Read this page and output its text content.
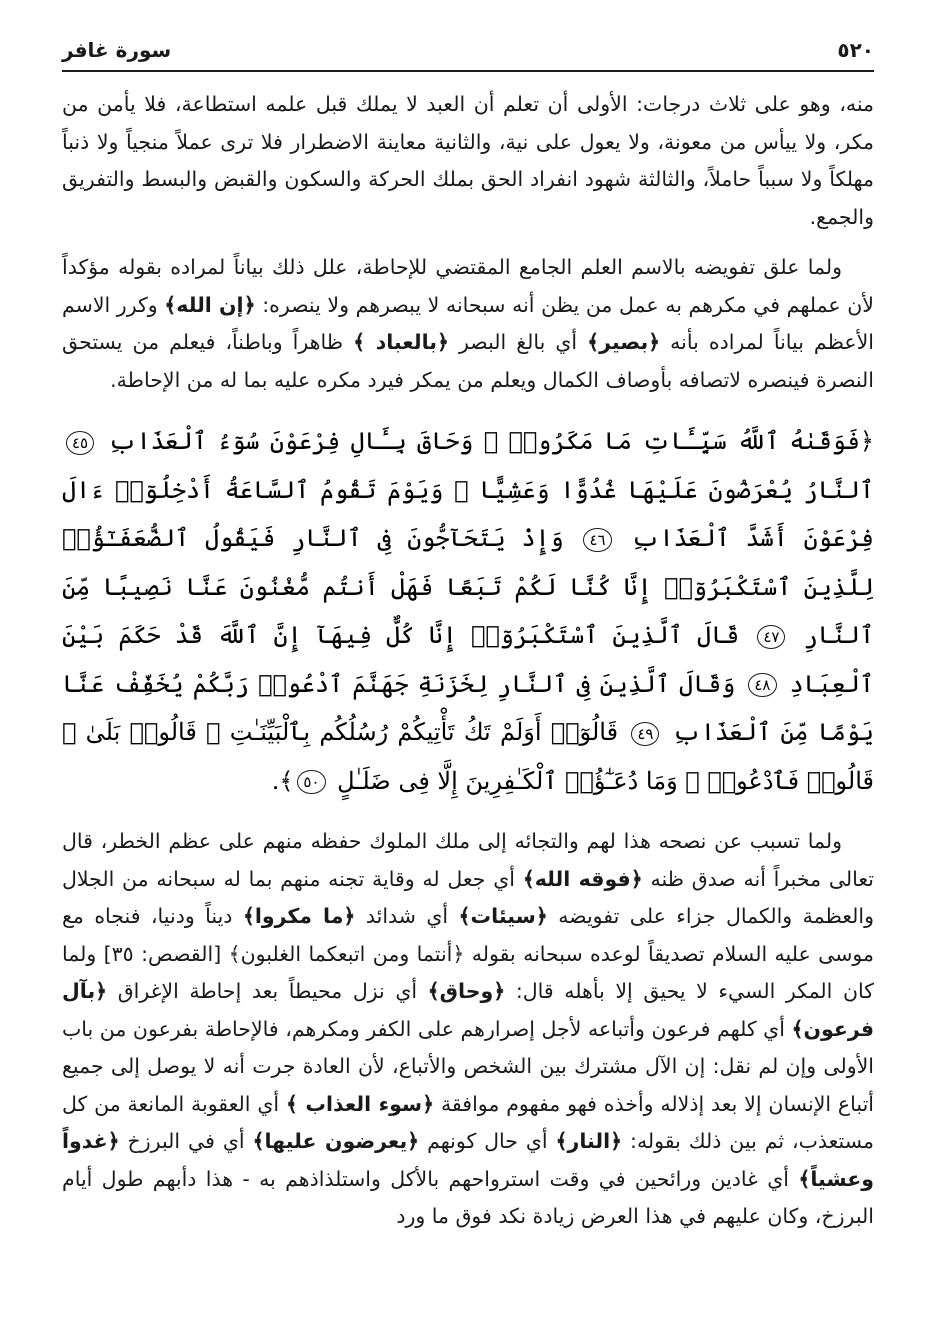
٥٢٠
سورة غافر

منه، وهو على ثلاث درجات: الأولى أن تعلم أن العبد لا يملك قبل علمه استطاعة، فلا يأمن من مكر، ولا ييأس من معونة، ولا يعول على نية، والثانية معاينة الاضطرار فلا ترى عملاً منجياً ولا ذنباً مهلكاً ولا سبباً حاملاً، والثالثة شهود انفراد الحق بملك الحركة والسكون والقبض والبسط والتفريق والجمع.

ولما علق تفويضه بالاسم العلم الجامع المقتضي للإحاطة، علل ذلك بياناً لمراده بقوله مؤكداً لأن عملهم في مكرهم به عمل من يظن أنه سبحانه لا يبصرهم ولا ينصره: ﴿إن الله﴾ وكرر الاسم الأعظم بياناً لمراده بأنه ﴿بصير﴾ أي بالغ البصر ﴿بالعباد ﴾ ظاهراً وباطناً، فيعلم من يستحق النصرة فينصره لاتصافه بأوصاف الكمال ويعلم من يمكر فيرد مكره عليه بما له من الإحاطة.

﴿فَوَقَىٰهُ ٱللَّهُ سَيِّـَٔاتِ مَا مَكَرُوا۟ ۖ وَحَاقَ بِـَٔالِ فِرْعَوْنَ سُوٓءُ ٱلْعَذَابِ ٤٥ ٱلنَّارُ يُعْرَضُونَ عَلَيْهَا غُدُوًّا وَعَشِيًّا ۖ وَيَوْمَ تَقُومُ ٱلسَّاعَةُ أَدْخِلُوٓا۟ ءَالَ فِرْعَوْنَ أَشَدَّ ٱلْعَذَابِ ٤٦ وَإِذْ يَتَحَآجُّونَ فِى ٱلنَّارِ فَيَقُولُ ٱلضُّعَفَـٰٓؤُا۟ لِلَّذِينَ ٱسْتَكْبَرُوٓا۟ إِنَّا كُنَّا لَكُمْ تَبَعًا فَهَلْ أَنتُم مُّغْنُونَ عَنَّا نَصِيبًا مِّنَ ٱلنَّارِ ٤٧ قَالَ ٱلَّذِينَ ٱسْتَكْبَرُوٓا۟ إِنَّا كُلٌّ فِيهَآ إِنَّ ٱللَّهَ قَدْ حَكَمَ بَيْنَ ٱلْعِبَادِ ٤٨ وَقَالَ ٱلَّذِينَ فِى ٱلنَّارِ لِخَزَنَةِ جَهَنَّمَ ٱدْعُوا۟ رَبَّكُمْ يُخَفِّفْ عَنَّا يَوْمًا مِّنَ ٱلْعَذَابِ ٤٩ قَالُوٓا۟ أَوَلَمْ تَكُ تَأْتِيكُمْ رُسُلُكُم بِٱلْبَيِّنَـٰتِ ۖ قَالُوا۟ بَلَىٰ ۚ قَالُوا۟ فَٱدْعُوا۟ ۗ وَمَا دُعَـٰٓؤُا۟ ٱلْكَـٰفِرِينَ إِلَّا فِى ضَلَـٰلٍ ٥٠﴾.

ولما تسبب عن نصحه هذا لهم والتجائه إلى ملك الملوك حفظه منهم على عظم الخطر، قال تعالى مخبراً أنه صدق ظنه ﴿فوقه الله﴾ أي جعل له وقاية تجنه منهم بما له سبحانه من الجلال والعظمة والكمال جزاء على تفويضه ﴿سيئات﴾ أي شدائد ﴿ما مكروا﴾ ديناً ودنيا، فنجاه مع موسى عليه السلام تصديقاً لوعده سبحانه بقوله ﴿أنتما ومن اتبعكما الغلبون﴾ [القصص: ٣٥] ولما كان المكر السيء لا يحيق إلا بأهله قال: ﴿وحاق﴾ أي نزل محيطاً بعد إحاطة الإغراق ﴿بآل فرعون﴾ أي كلهم فرعون وأتباعه لأجل إصرارهم على الكفر ومكرهم، فالإحاطة بفرعون من باب الأولى وإن لم نقل: إن الآل مشترك بين الشخص والأتباع، لأن العادة جرت أنه لا يوصل إلى جميع أتباع الإنسان إلا بعد إذلاله وأخذه فهو مفهوم موافقة ﴿سوء العذاب ﴾ أي العقوبة المانعة من كل مستعذب، ثم بين ذلك بقوله: ﴿النار﴾ أي حال كونهم ﴿يعرضون عليها﴾ أي في البرزخ ﴿غدواً وعشياً﴾ أي غادين ورائحين في وقت استرواحهم بالأكل واستلذاذهم به - هذا دأبهم طول أيام البرزخ، وكان عليهم في هذا العرض زيادة نكد فوق ما ورد
